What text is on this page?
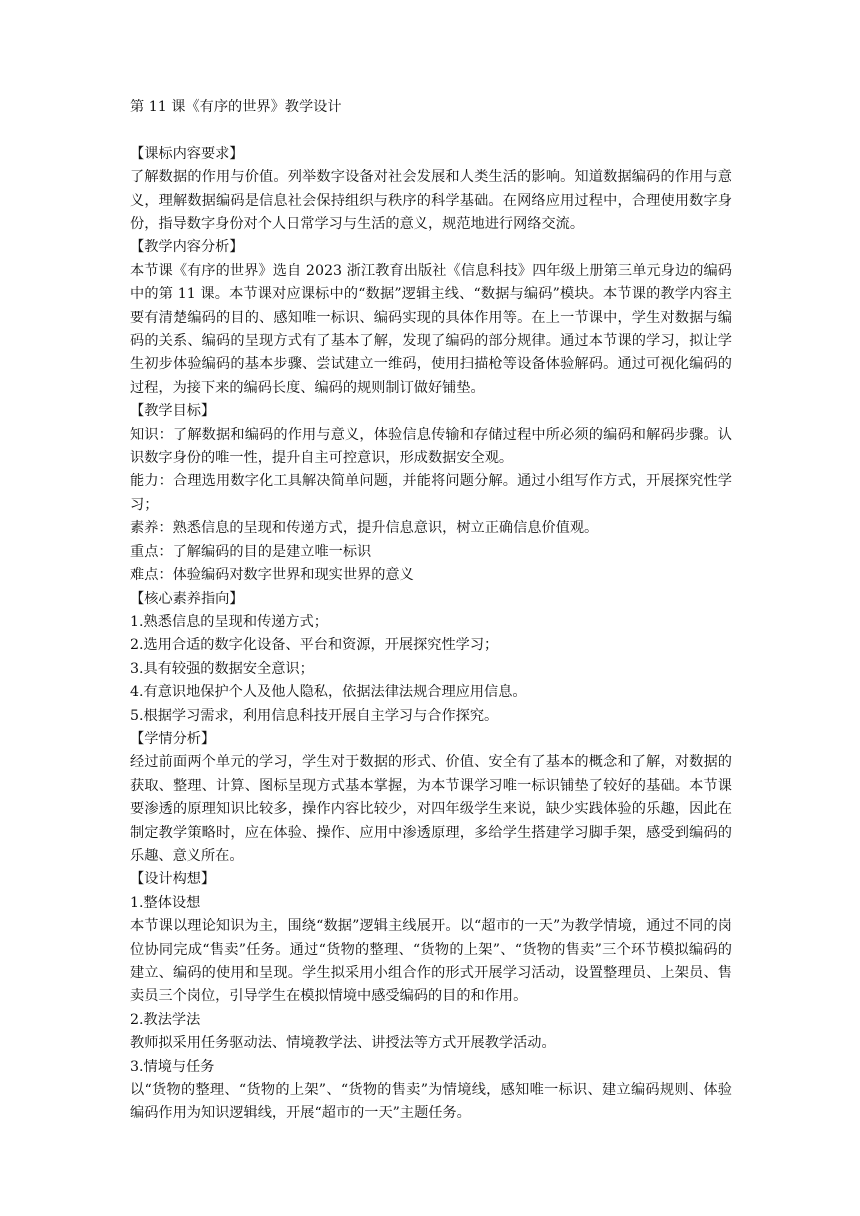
第 11 课《有序的世界》教学设计

【课标内容要求】

了解数据的作用与价值。列举数字设备对社会发展和人类生活的影响。知道数据编码的作用与意义，理解数据编码是信息社会保持组织与秩序的科学基础。在网络应用过程中，合理使用数字身份，指导数字身份对个人日常学习与生活的意义，规范地进行网络交流。

【教学内容分析】

本节课《有序的世界》选自 2023 浙江教育出版社《信息科技》四年级上册第三单元身边的编码中的第 11 课。本节课对应课标中的“数据”逻辑主线、“数据与编码”模块。本节课的教学内容主要有清楚编码的目的、感知唯一标识、编码实现的具体作用等。在上一节课中，学生对数据与编码的关系、编码的呈现方式有了基本了解，发现了编码的部分规律。通过本节课的学习，拟让学生初步体验编码的基本步骤、尝试建立一维码，使用扫描枪等设备体验解码。通过可视化编码的过程，为接下来的编码长度、编码的规则制订做好铺垫。

【教学目标】

知识：了解数据和编码的作用与意义，体验信息传输和存储过程中所必须的编码和解码步骤。认识数字身份的唯一性，提升自主可控意识，形成数据安全观。

能力：合理选用数字化工具解决简单问题，并能将问题分解。通过小组写作方式，开展探究性学习；

素养：熟悉信息的呈现和传递方式，提升信息意识，树立正确信息价值观。

重点：了解编码的目的是建立唯一标识

难点：体验编码对数字世界和现实世界的意义

【核心素养指向】

1.熟悉信息的呈现和传递方式；

2.选用合适的数字化设备、平台和资源，开展探究性学习；

3.具有较强的数据安全意识；

4.有意识地保护个人及他人隐私，依据法律法规合理应用信息。

5.根据学习需求，利用信息科技开展自主学习与合作探究。

【学情分析】

经过前面两个单元的学习，学生对于数据的形式、价值、安全有了基本的概念和了解，对数据的获取、整理、计算、图标呈现方式基本掌握，为本节课学习唯一标识铺垫了较好的基础。本节课要渗透的原理知识比较多，操作内容比较少，对四年级学生来说，缺少实践体验的乐趣，因此在制定教学策略时，应在体验、操作、应用中渗透原理，多给学生搭建学习脚手架，感受到编码的乐趣、意义所在。

【设计构想】

1.整体设想

本节课以理论知识为主，围绕“数据”逻辑主线展开。以“超市的一天”为教学情境，通过不同的岗位协同完成“售卖”任务。通过“货物的整理、“货物的上架”、“货物的售卖”三个环节模拟编码的建立、编码的使用和呈现。学生拟采用小组合作的形式开展学习活动，设置整理员、上架员、售卖员三个岗位，引导学生在模拟情境中感受编码的目的和作用。

2.教法学法

教师拟采用任务驱动法、情境教学法、讲授法等方式开展教学活动。

3.情境与任务

以“货物的整理、“货物的上架”、“货物的售卖”为情境线，感知唯一标识、建立编码规则、体验编码作用为知识逻辑线，开展“超市的一天”主题任务。
